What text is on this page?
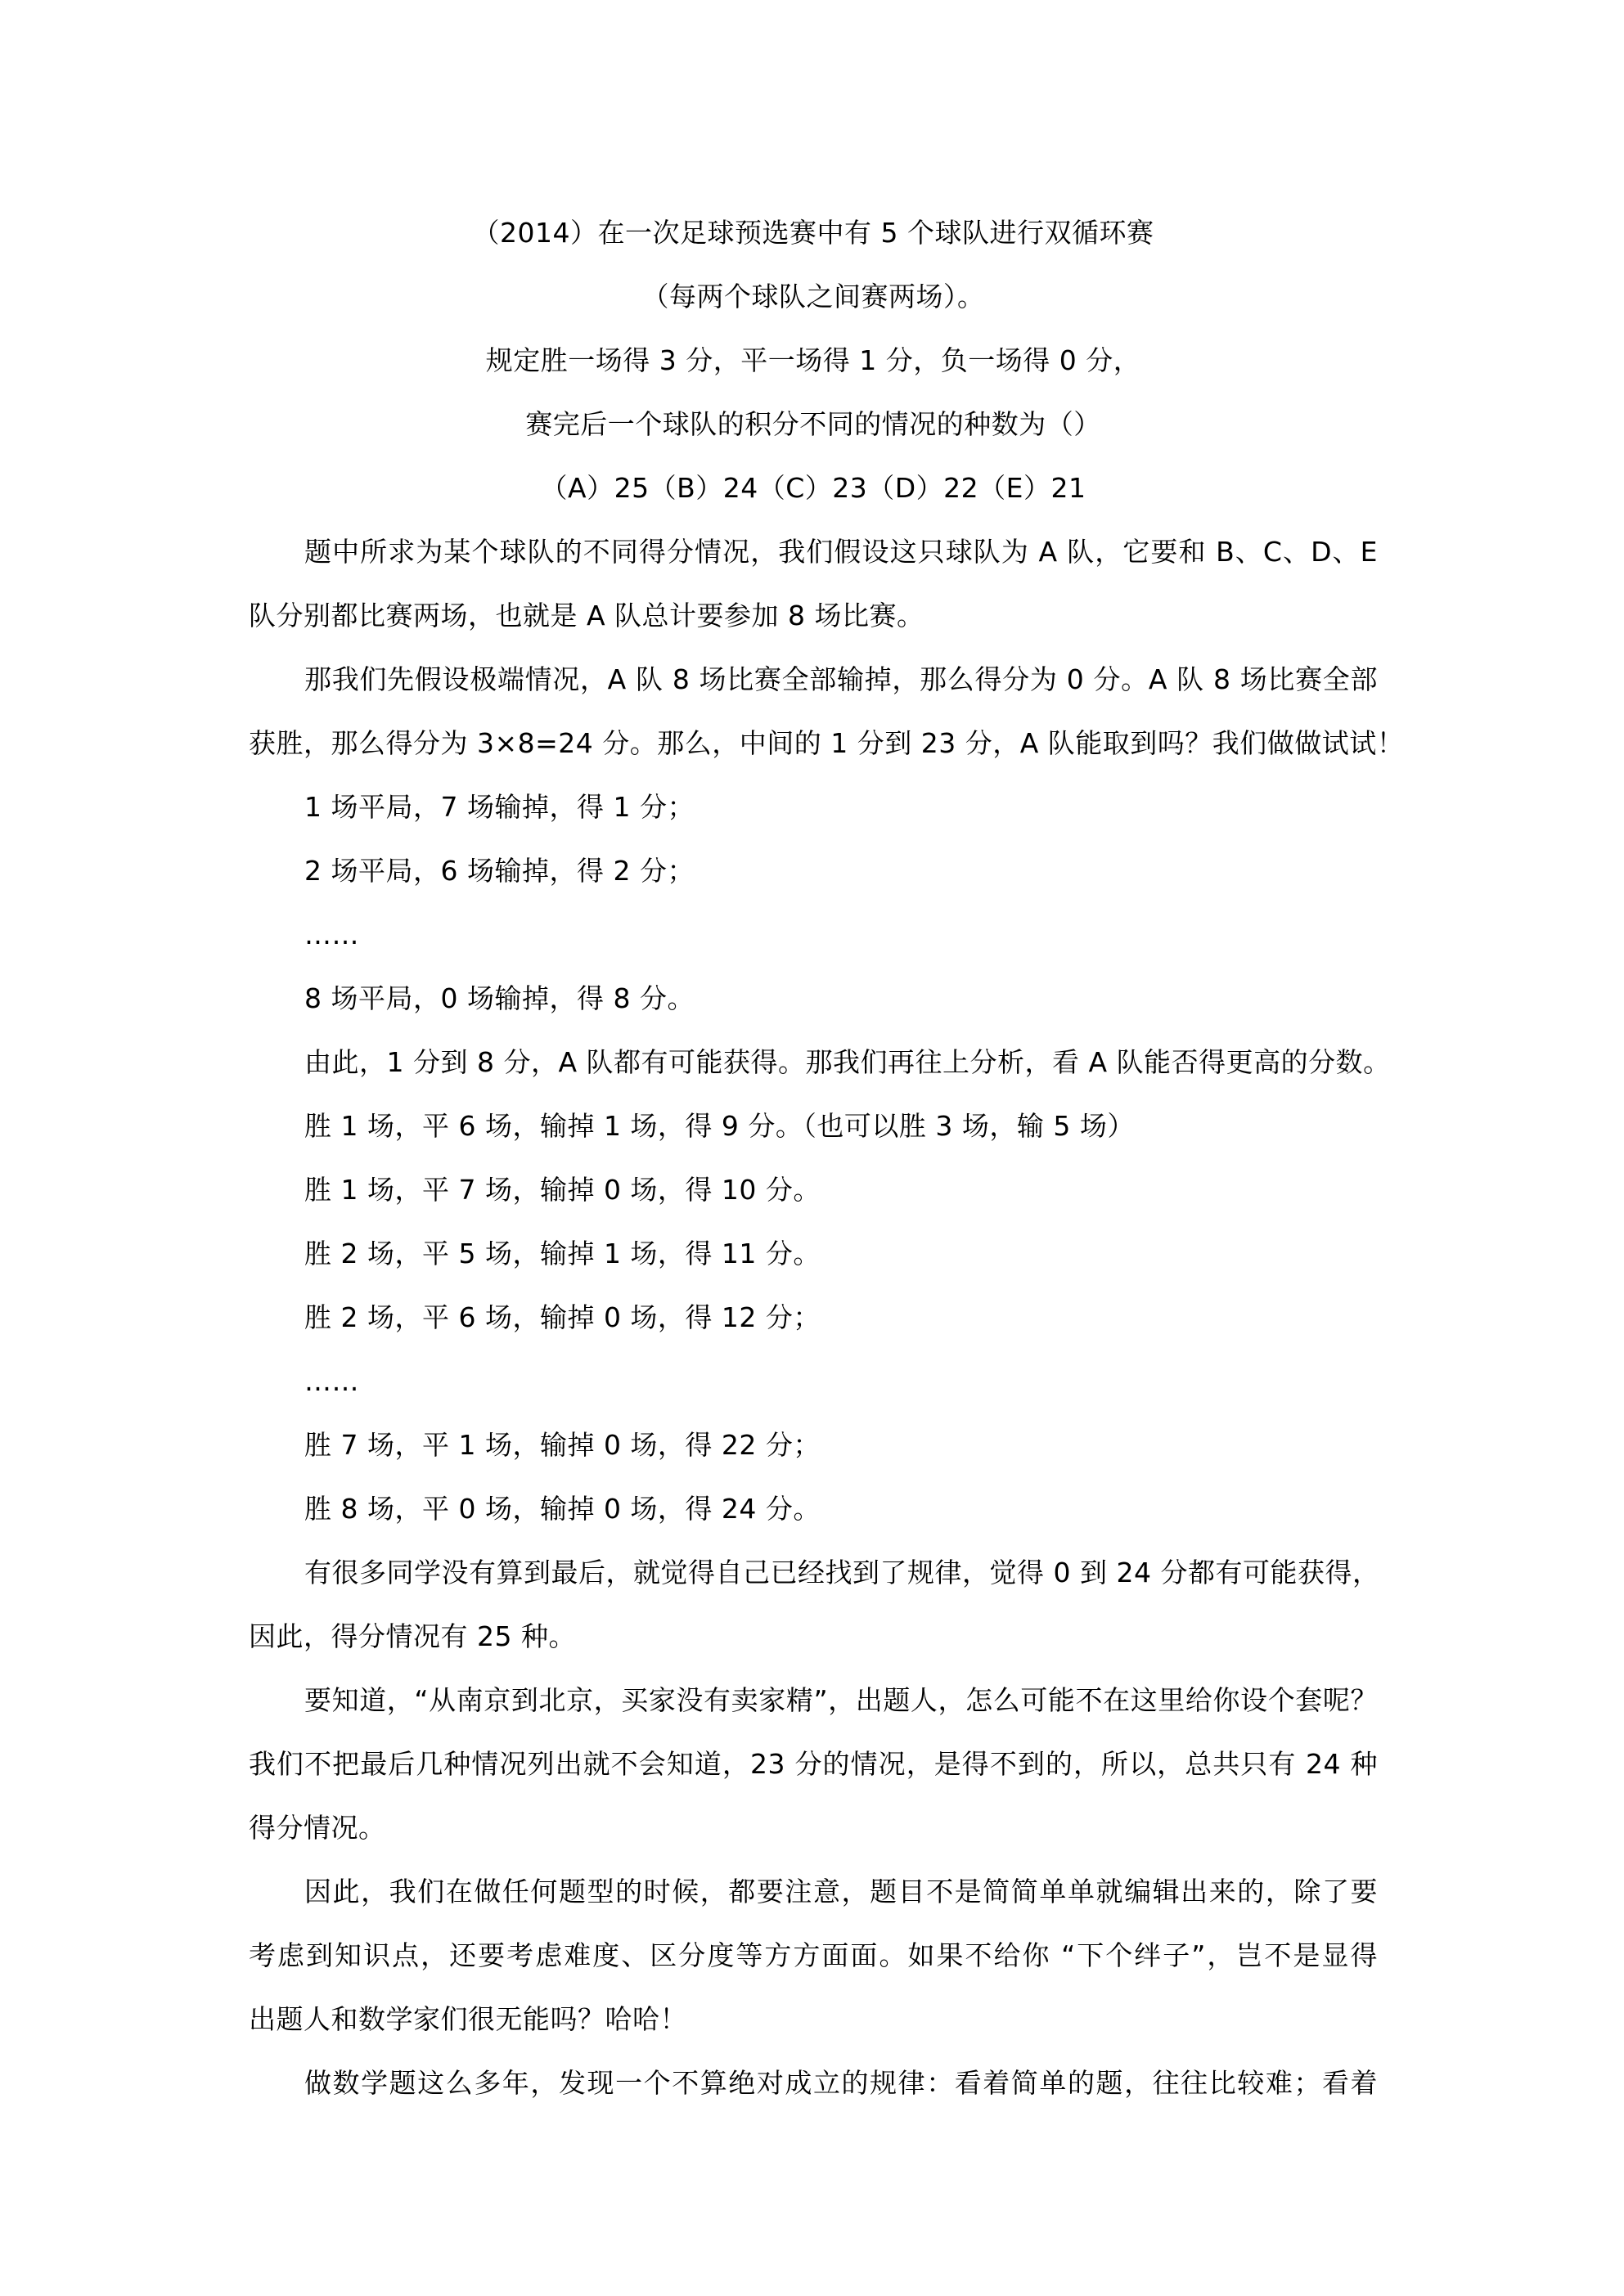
（2014）在一次足球预选赛中有 5 个球队进行双循环赛
（每两个球队之间赛两场）。
规定胜一场得 3 分，平一场得 1 分，负一场得 0 分，
赛完后一个球队的积分不同的情况的种数为（）
（A）25（B）24（C）23（D）22（E）21
题中所求为某个球队的不同得分情况，我们假设这只球队为 A 队，它要和 B、C、D、E
队分别都比赛两场，也就是 A 队总计要参加 8 场比赛。
那我们先假设极端情况，A 队 8 场比赛全部输掉，那么得分为 0 分。A 队 8 场比赛全部
获胜，那么得分为 3×8=24 分。那么，中间的 1 分到 23 分，A 队能取到吗？我们做做试试！
1 场平局，7 场输掉，得 1 分；
2 场平局，6 场输掉，得 2 分；
……
8 场平局，0 场输掉，得 8 分。
由此，1 分到 8 分，A 队都有可能获得。那我们再往上分析，看 A 队能否得更高的分数。
胜 1 场，平 6 场，输掉 1 场，得 9 分。（也可以胜 3 场，输 5 场）
胜 1 场，平 7 场，输掉 0 场，得 10 分。
胜 2 场，平 5 场，输掉 1 场，得 11 分。
胜 2 场，平 6 场，输掉 0 场，得 12 分；
……
胜 7 场，平 1 场，输掉 0 场，得 22 分；
胜 8 场，平 0 场，输掉 0 场，得 24 分。
有很多同学没有算到最后，就觉得自己已经找到了规律，觉得 0 到 24 分都有可能获得，
因此，得分情况有 25 种。
要知道，“从南京到北京，买家没有卖家精”，出题人，怎么可能不在这里给你设个套呢？
我们不把最后几种情况列出就不会知道，23 分的情况，是得不到的，所以，总共只有 24 种
得分情况。
因此，我们在做任何题型的时候，都要注意，题目不是简简单单就编辑出来的，除了要
考虑到知识点，还要考虑难度、区分度等方方面面。如果不给你 “下个绊子”，岂不是显得
出题人和数学家们很无能吗？哈哈！
做数学题这么多年，发现一个不算绝对成立的规律：看着简单的题，往往比较难；看着
